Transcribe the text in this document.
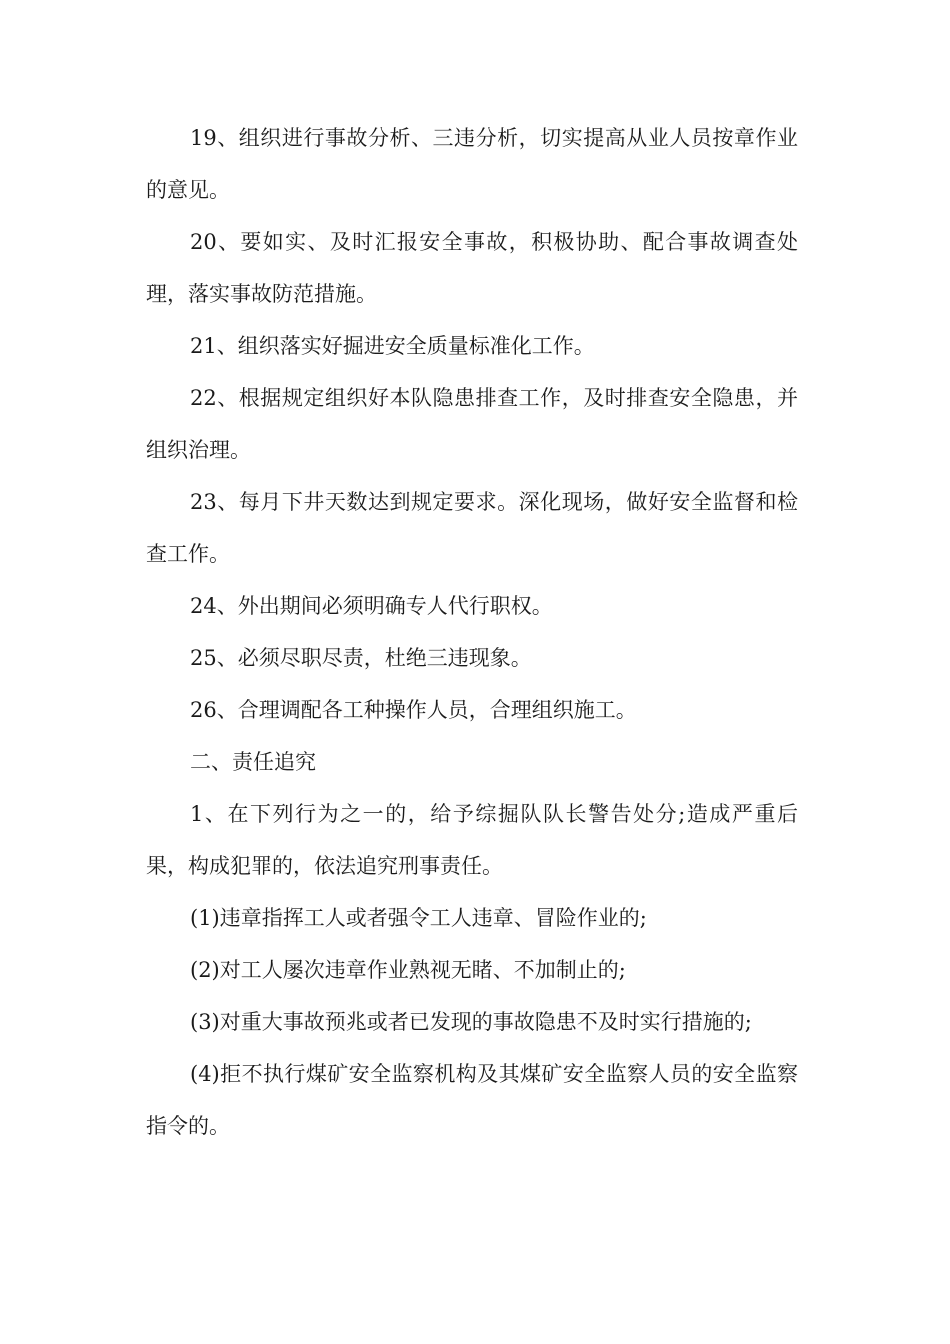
19、组织进行事故分析、三违分析，切实提高从业人员按章作业的意见。

20、要如实、及时汇报安全事故，积极协助、配合事故调查处理，落实事故防范措施。

21、组织落实好掘进安全质量标准化工作。

22、根据规定组织好本队隐患排查工作，及时排查安全隐患，并组织治理。

23、每月下井天数达到规定要求。深化现场，做好安全监督和检查工作。

24、外出期间必须明确专人代行职权。

25、必须尽职尽责，杜绝三违现象。

26、合理调配各工种操作人员，合理组织施工。

二、责任追究

1、在下列行为之一的，给予综掘队队长警告处分;造成严重后果，构成犯罪的，依法追究刑事责任。

(1)违章指挥工人或者强令工人违章、冒险作业的;

(2)对工人屡次违章作业熟视无睹、不加制止的;

(3)对重大事故预兆或者已发现的事故隐患不及时实行措施的;

(4)拒不执行煤矿安全监察机构及其煤矿安全监察人员的安全监察指令的。
